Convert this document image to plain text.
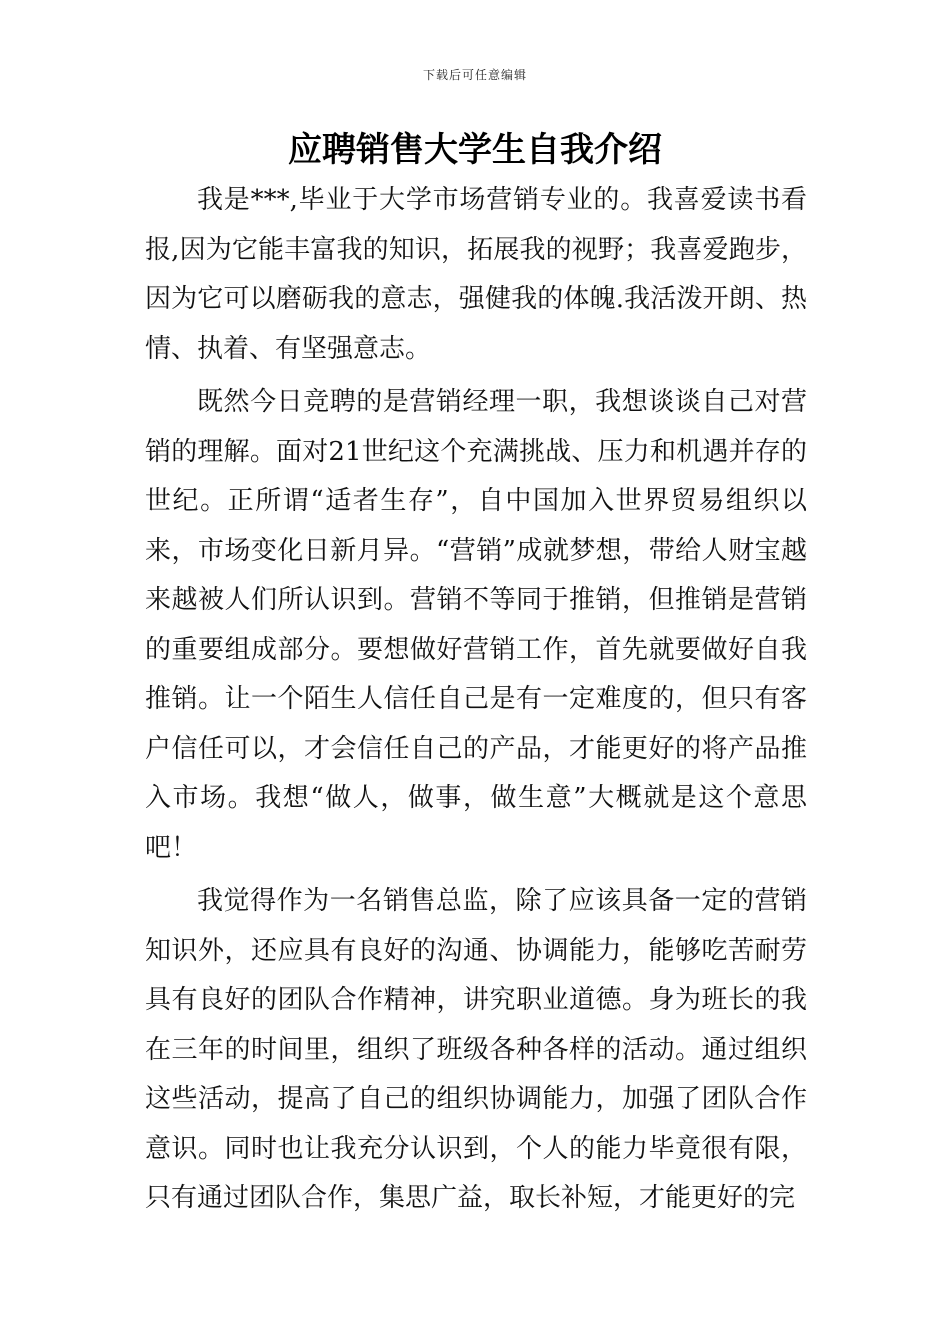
下载后可任意编辑
应聘销售大学生自我介绍

我是***,毕业于大学市场营销专业的。我喜爱读书看报,因为它能丰富我的知识，拓展我的视野；我喜爱跑步，因为它可以磨砺我的意志，强健我的体魄.我活泼开朗、热情、执着、有坚强意志。

既然今日竞聘的是营销经理一职，我想谈谈自己对营销的理解。面对21世纪这个充满挑战、压力和机遇并存的世纪。正所谓“适者生存”，自中国加入世界贸易组织以来，市场变化日新月异。“营销”成就梦想，带给人财宝越来越被人们所认识到。营销不等同于推销，但推销是营销的重要组成部分。要想做好营销工作，首先就要做好自我推销。让一个陌生人信任自己是有一定难度的，但只有客户信任可以，才会信任自己的产品，才能更好的将产品推入市场。我想“做人，做事，做生意”大概就是这个意思吧！

我觉得作为一名销售总监，除了应该具备一定的营销知识外，还应具有良好的沟通、协调能力，能够吃苦耐劳具有良好的团队合作精神，讲究职业道德。身为班长的我在三年的时间里，组织了班级各种各样的活动。通过组织这些活动，提高了自己的组织协调能力，加强了团队合作意识。同时也让我充分认识到，个人的能力毕竟很有限，只有通过团队合作，集思广益，取长补短，才能更好的完
